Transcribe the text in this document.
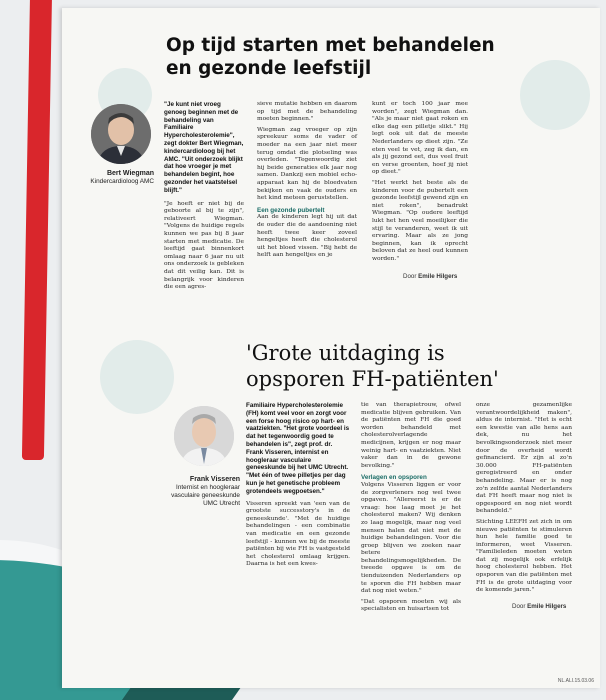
Op tijd starten met behandelen en gezonde leefstijl
Bert Wiegman
Kindercardioloog AMC

"Je kunt niet vroeg genoeg beginnen met de behandeling van Familiaire Hypercholesterolemie", zegt dokter Bert Wiegman, kindercardioloog bij het AMC. "Uit onderzoek blijkt dat hoe vroeger je met behandelen begint, hoe gezonder het vaatstelsel blijft."

"Je hoeft er niet bij de geboorte al bij te zijn", relativeert Wiegman. "Volgens de huidige regels kunnen we pas bij 8 jaar starten met medicatie. De leeftijd gaat binnenkort omlaag naar 6 jaar nu uit ons onderzoek is gebleken dat dit veilig kan. Dit is belangrijk voor kinderen die een agres-

sieve mutatie hebben en daarom op tijd met de behandeling moeten beginnen."

Wiegman zag vroeger op zijn spreekuur soms de vader of moeder na een jaar niet meer terug omdat die plotseling was overleden. "Tegenwoordig ziet hij beide generaties elk jaar nog samen. Dankzij een mobiel echo-apparaat kan hij de bloedvaten bekijken en vaak de ouders en het kind meteen geruststellen.

Een gezonde pubertelt

Aan de kinderen legt hij uit dat de ouder die de aandoening niet heeft twee keer zoveel hengeltjes heeft die cholesterol uit het bloed vissen. "Bij hebt de helft aan hengeltjes en je

kunt er toch 100 jaar mee worden", zegt Wiegman dan. "Als je maar niet gaat roken en elke dag een pilletje slikt." Hij legt ook uit dat de meeste Nederlanders op dieet zijn. "Ze eten veel te vet, zeg ik dan, en als jij gezond eet, dus veel fruit en verse groenten, hoef jij niet op dieet."

"Het werkt het beste als de kinderen voor de pubertelt een gezonde leefstijl gewend zijn en niet roken", benadrukt Wiegman. "Op oudere leeftijd lukt het hen veel moeilijker die stijl te veranderen, weet ik uit ervaring. Maar als ze jong beginnen, kan ik oprecht beloven dat ze heel oud kunnen worden."

Door Emile Hilgers
'Grote uitdaging is opsporen FH-patiënten'
Frank Visseren
Internist en hoogleraar
vasculaire geneeskunde
UMC Utrecht

Familiaire Hypercholesterolemie (FH) komt veel voor en zorgt voor een forse hoog risico op hart- en vaatziekten. "Het grote voordeel is dat het tegenwoordig goed te behandelen is", zegt prof. dr. Frank Visseren, internist en hoogleraar vasculaire geneeskunde bij het UMC Utrecht. "Met één of twee pilletjes per dag kun je het genetische probleem grotendeels wegpoetsen."

Visseren spreekt van 'een van de grootste successtory's in de geneeskunde'. "Met de huidige behandelingen - een combinatie van medicatie en een gezonde leefstijl - kunnen we bij de meeste patiënten bij wie FH is vastgesteld het cholesterol omlaag krijgen. Daarna is het een kwes-

tie van therapietrouw, ofwel medicatie blijven gebruiken. Van de patiënten met FH die goed worden behandeld met cholesterolverlagende medicijnen, krijgen er nog maar weinig hart- en vaatziekten. Niet vaker dan in de gewone bevolking."

Verlagen en opsporen

Volgens Visseren liggen er voor de zorgverleners nog wel twee opgaven. "Allereerst is er de vraag: hoe laag moet je het cholesterol maken? Wij denken zo laag mogelijk, maar nog veel mensen halen dat niet met de huidige behandelingen. Voor die groep blijven we zoeken naar betere behandelingsmogelijkheden. De tweede opgave is om de tienduizenden Nederlanders op te sporen die FH hebben maar dat nog niet weten."

"Dat opsporen moeten wij als specialisten en huisartsen tot

onze gezamenlijke verantwoordelijkheid maken", aldus de internist. "Het is echt een kwestie van alle hens aan dek, nu het bevolkingsonderzoek niet meer door de overheid wordt gefinancierd. Er zijn al zo'n 30.000 FH-patiënten geregistreerd en onder behandeling. Maar er is nog zo'n zelfde aantal Nederlanders dat FH heeft maar nog niet is opgespoord en nog niet wordt behandeld."

Stichting LEEFH zet zich in om nieuwe patiënten te stimuleren hun hele familie goed te informeren, weet Visseren. "Familieleden moeten weten dat zij mogelijk ook erfelijk hoog cholesterol hebben. Het opsporen van die patiënten met FH is de grote uitdaging voor de komende jaren."

Door Emile Hilgers
NL.ALI.15.03.06
